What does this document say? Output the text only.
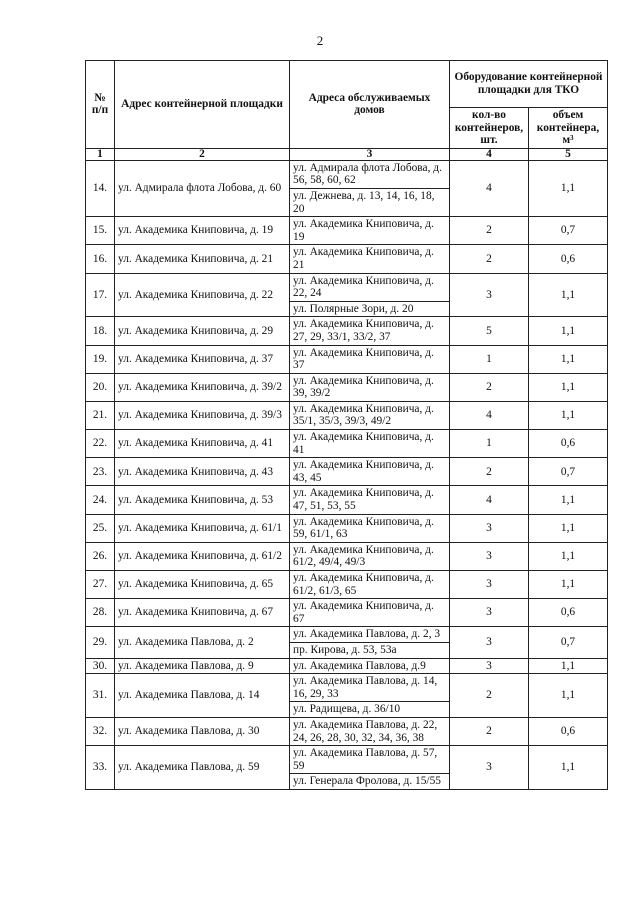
2
№ п/п	Адрес контейнерной площадки	Адреса обслуживаемых домов	Оборудование контейнерной площадки для ТКО	
			кол-во контейнеров, шт.	объем контейнера, м³
1	2	3	4	5
14.	ул. Адмирала флота Лобова, д. 60	ул. Адмирала флота Лобова, д. 56, 58, 60, 62	4	1,1
		ул. Дежнева, д. 13, 14, 16, 18, 20		
15.	ул. Академика Книповича, д. 19	ул. Академика Книповича, д. 19	2	0,7
16.	ул. Академика Книповича, д. 21	ул. Академика Книповича, д. 21	2	0,6
17.	ул. Академика Книповича, д. 22	ул. Академика Книповича, д. 22, 24	3	1,1
		ул. Полярные Зори, д. 20		
18.	ул. Академика Книповича, д. 29	ул. Академика Книповича, д. 27, 29, 33/1, 33/2, 37	5	1,1
19.	ул. Академика Книповича, д. 37	ул. Академика Книповича, д. 37	1	1,1
20.	ул. Академика Книповича, д. 39/2	ул. Академика Книповича, д. 39, 39/2	2	1,1
21.	ул. Академика Книповича, д. 39/3	ул. Академика Книповича, д. 35/1, 35/3, 39/3, 49/2	4	1,1
22.	ул. Академика Книповича, д. 41	ул. Академика Книповича, д. 41	1	0,6
23.	ул. Академика Книповича, д. 43	ул. Академика Книповича, д. 43, 45	2	0,7
24.	ул. Академика Книповича, д. 53	ул. Академика Книповича, д. 47, 51, 53, 55	4	1,1
25.	ул. Академика Книповича, д. 61/1	ул. Академика Книповича, д. 59, 61/1, 63	3	1,1
26.	ул. Академика Книповича, д. 61/2	ул. Академика Книповича, д. 61/2, 49/4, 49/3	3	1,1
27.	ул. Академика Книповича, д. 65	ул. Академика Книповича, д. 61/2, 61/3, 65	3	1,1
28.	ул. Академика Книповича, д. 67	ул. Академика Книповича, д. 67	3	0,6
29.	ул. Академика Павлова, д. 2	ул. Академика Павлова, д. 2, 3	3	0,7
		пр. Кирова, д. 53, 53а		
30.	ул. Академика Павлова, д. 9	ул. Академика Павлова, д.9	3	1,1
31.	ул. Академика Павлова, д. 14	ул. Академика Павлова, д. 14, 16, 29, 33	2	1,1
		ул. Радищева, д. 36/10		
32.	ул. Академика Павлова, д. 30	ул. Академика Павлова, д. 22, 24, 26, 28, 30, 32, 34, 36, 38	2	0,6
33.	ул. Академика Павлова, д. 59	ул. Академика Павлова, д. 57, 59	3	1,1
		ул. Генерала Фролова, д. 15/55		
